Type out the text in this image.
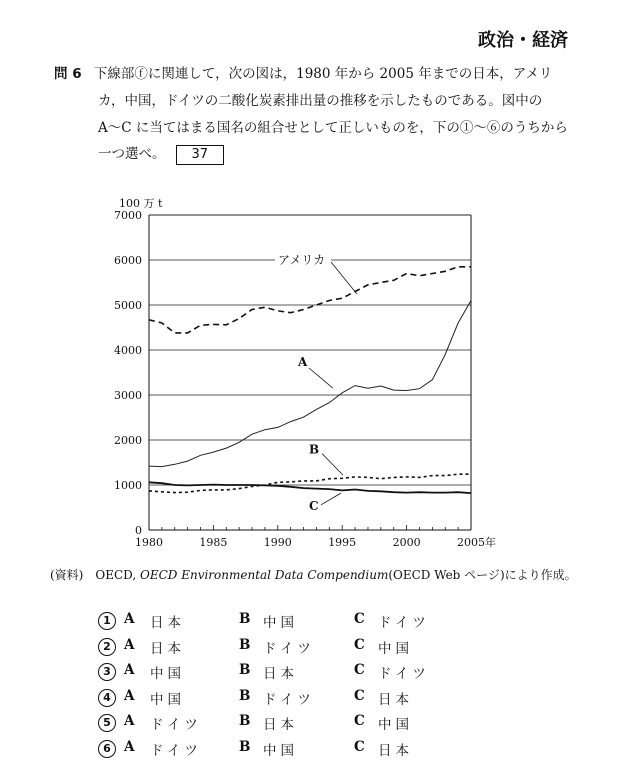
政治・経済
問 6 下線部ⓕに関連して，次の図は，1980 年から 2005 年までの日本，アメリ
カ，中国，ドイツの二酸化炭素排出量の推移を示したものである。図中の
A～C に当てはまる国名の組合せとして正しいものを，下の①～⑥のうちから
一つ選べ。 37
0
1000
2000
3000
4000
5000
6000
7000
1980	1985	1990	1995	2000	2005 年
100 万 t
アメリカ
A
B
C
(資料)　OECD, OECD Environmental Data Compendium(OECD Web ページ)により作成。
1 A 日本	B 中国	C ドイツ
2 A 日本	B ドイツ	C 中国
3 A 中国	B 日本	C ドイツ
4 A 中国	B ドイツ	C 日本
5 A ドイツ	B 日本	C 中国
6 A ドイツ	B 中国	C 日本
